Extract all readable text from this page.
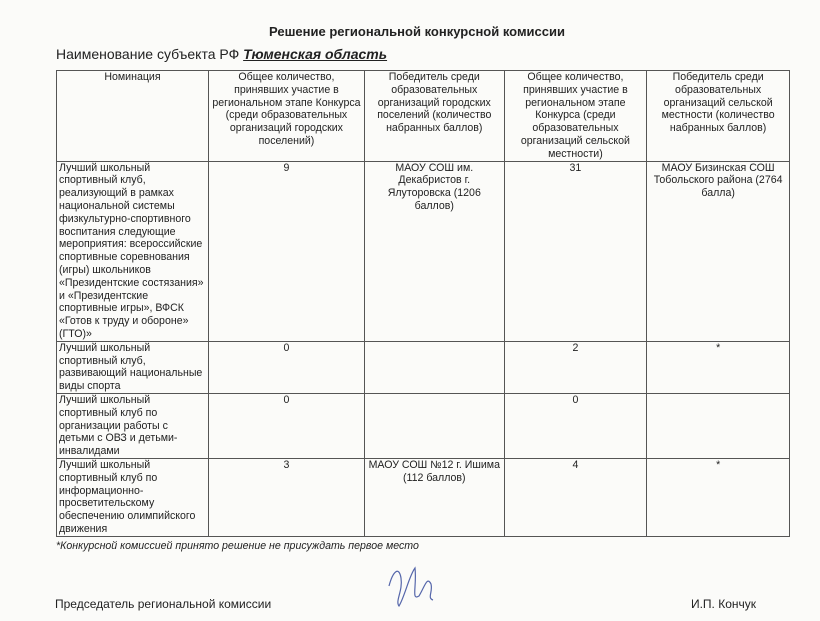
Решение региональной конкурсной комиссии
Наименование субъекта РФ Тюменская область
Номинация	Общее количество, принявших участие в региональном этапе Конкурса (среди образовательных организаций городских поселений)	Победитель среди образовательных организаций городских поселений (количество набранных баллов)	Общее количество, принявших участие в региональном этапе Конкурса (среди образовательных организаций сельской местности)	Победитель среди образовательных организаций сельской местности (количество набранных баллов)
Лучший школьный спортивный клуб, реализующий в рамках национальной системы физкультурно-спортивного воспитания следующие мероприятия: всероссийские спортивные соревнования (игры) школьников «Президентские состязания» и «Президентские спортивные игры», ВФСК «Готов к труду и обороне» (ГТО)»	9	МАОУ СОШ им. Декабристов г. Ялуторовска (1206 баллов)	31	МАОУ Бизинская СОШ Тобольского района (2764 балла)
Лучший школьный спортивный клуб, развивающий национальные виды спорта	0		2	*
Лучший школьный спортивный клуб по организации работы с детьми с ОВЗ и детьми-инвалидами	0		0	
Лучший школьный спортивный клуб по информационно-просветительскому обеспечению олимпийского движения	3	МАОУ СОШ №12 г. Ишима (112 баллов)	4	*
*Конкурсной комиссией принято решение не присуждать первое место
Председатель региональной комиссии	И.П. Кончук
